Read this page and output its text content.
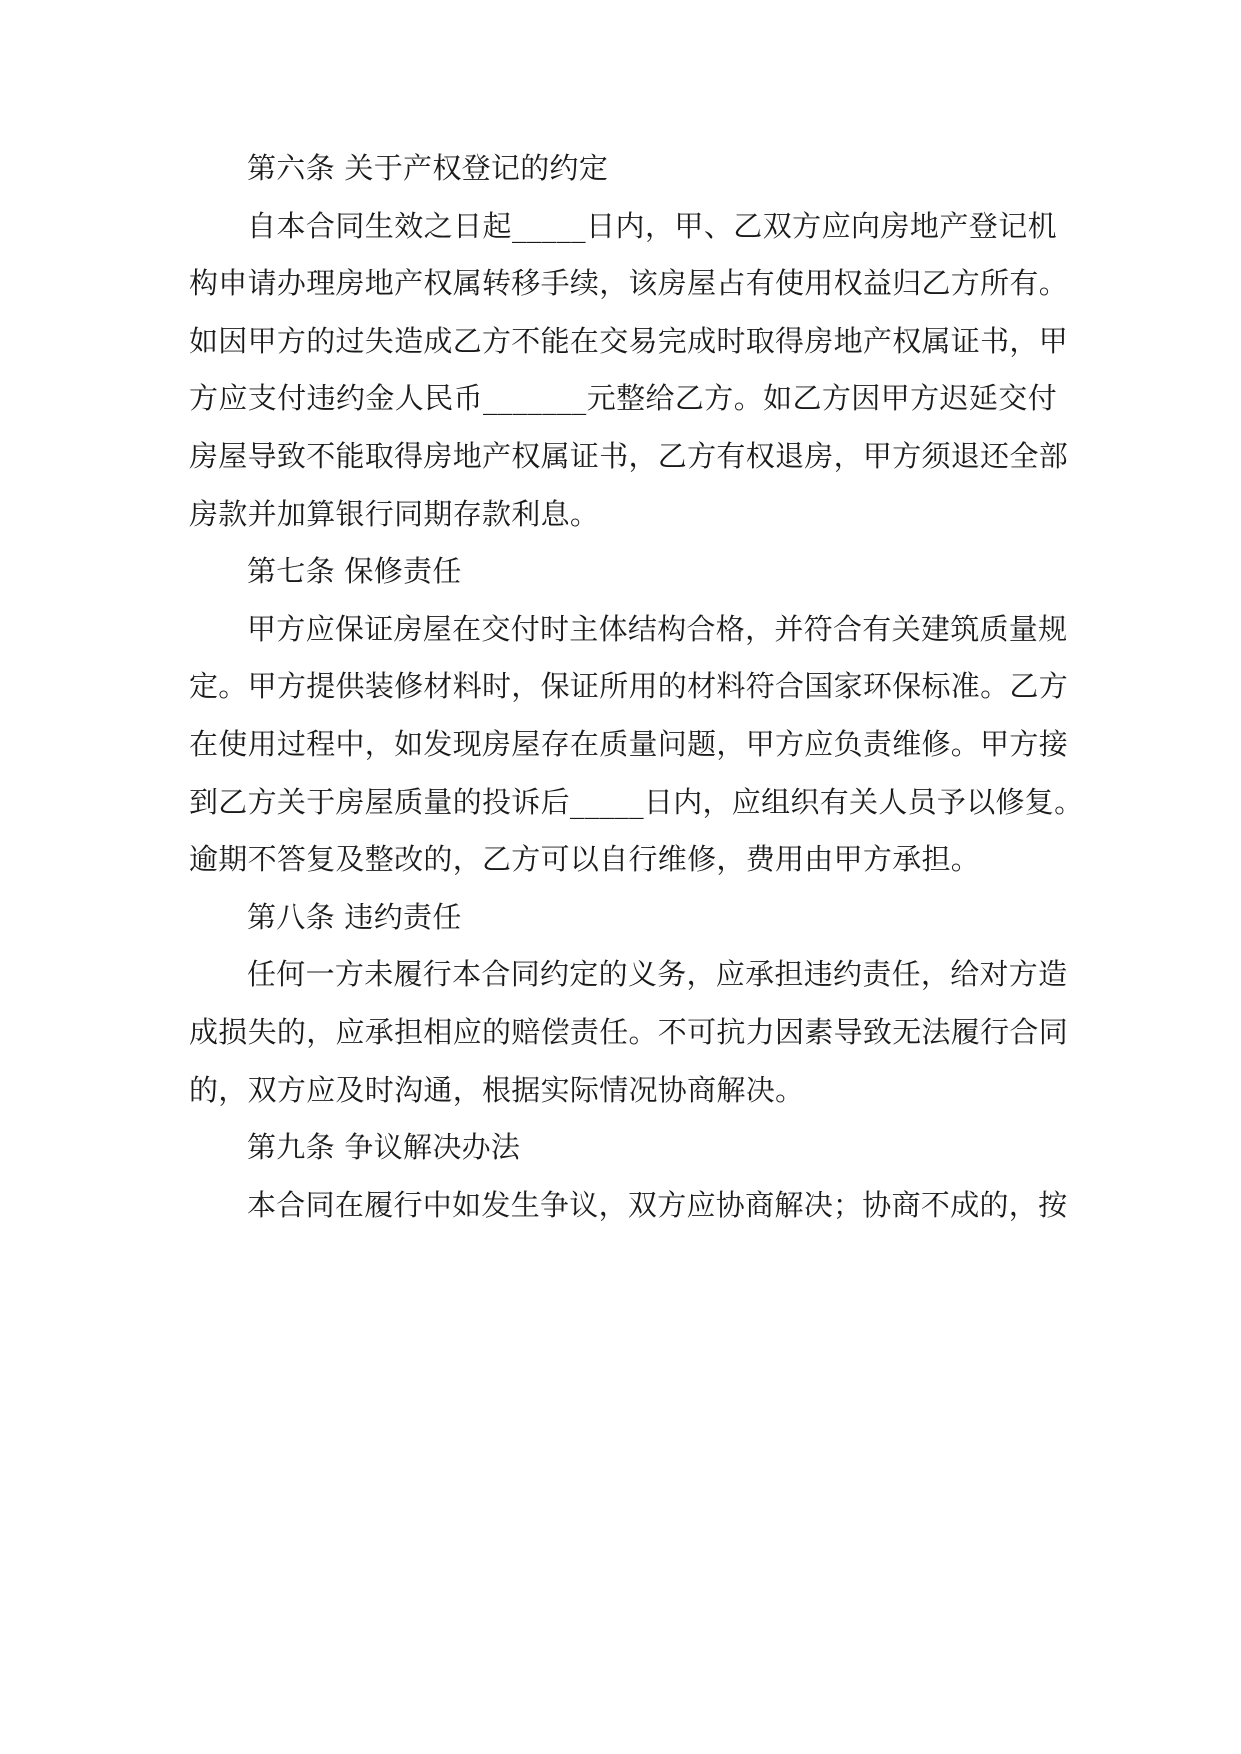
第六条 关于产权登记的约定
自本合同生效之日起_____日内，甲、乙双方应向房地产登记机
构申请办理房地产权属转移手续，该房屋占有使用权益归乙方所有。
如因甲方的过失造成乙方不能在交易完成时取得房地产权属证书，甲
方应支付违约金人民币_______元整给乙方。如乙方因甲方迟延交付
房屋导致不能取得房地产权属证书，乙方有权退房，甲方须退还全部
房款并加算银行同期存款利息。
第七条 保修责任
甲方应保证房屋在交付时主体结构合格，并符合有关建筑质量规
定。甲方提供装修材料时，保证所用的材料符合国家环保标准。乙方
在使用过程中，如发现房屋存在质量问题，甲方应负责维修。甲方接
到乙方关于房屋质量的投诉后_____日内，应组织有关人员予以修复。
逾期不答复及整改的，乙方可以自行维修，费用由甲方承担。
第八条 违约责任
任何一方未履行本合同约定的义务，应承担违约责任，给对方造
成损失的，应承担相应的赔偿责任。不可抗力因素导致无法履行合同
的，双方应及时沟通，根据实际情况协商解决。
第九条 争议解决办法
本合同在履行中如发生争议，双方应协商解决；协商不成的，按
